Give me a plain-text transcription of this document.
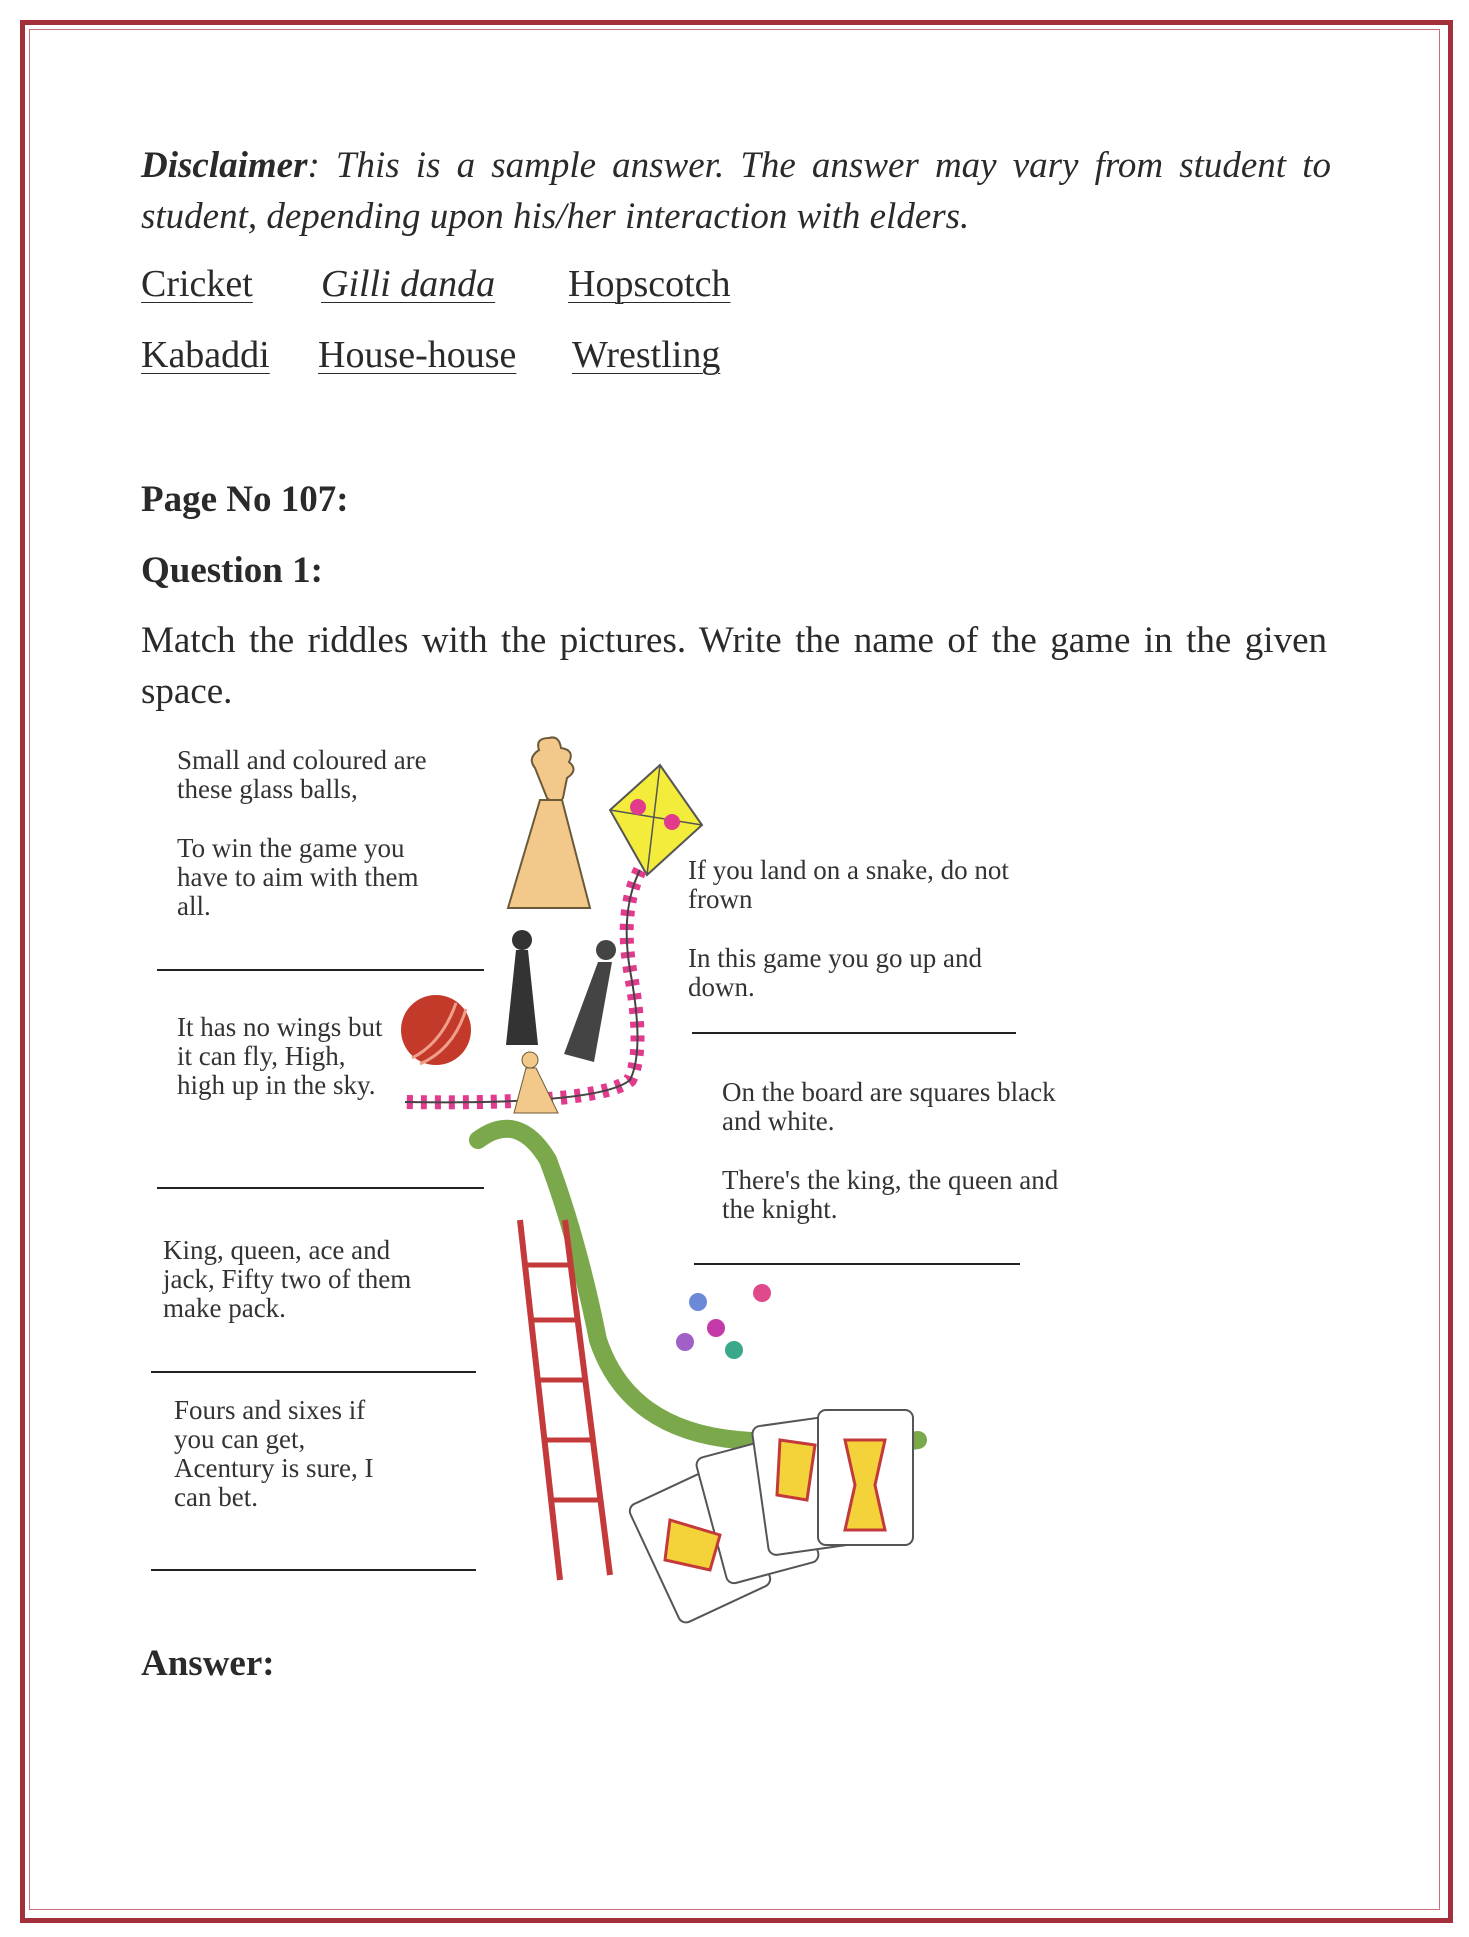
Disclaimer: This is a sample answer. The answer may vary from student to student, depending upon his/her interaction with elders.
Cricket Gilli danda Hopscotch
Kabaddi House-house Wrestling
Page No 107:
Question 1:
Match the riddles with the pictures. Write the name of the game in the given space.

Small and coloured are these glass balls,

To win the game you have to aim with them all.

It has no wings but it can fly, High, high up in the sky.

King, queen, ace and jack, Fifty two of them make pack.

Fours and sixes if you can get, Acentury is sure, I can bet.

If you land on a snake, do not frown

In this game you go up and down.

On the board are squares black and white.

There's the king, the queen and the knight.

Answer:
